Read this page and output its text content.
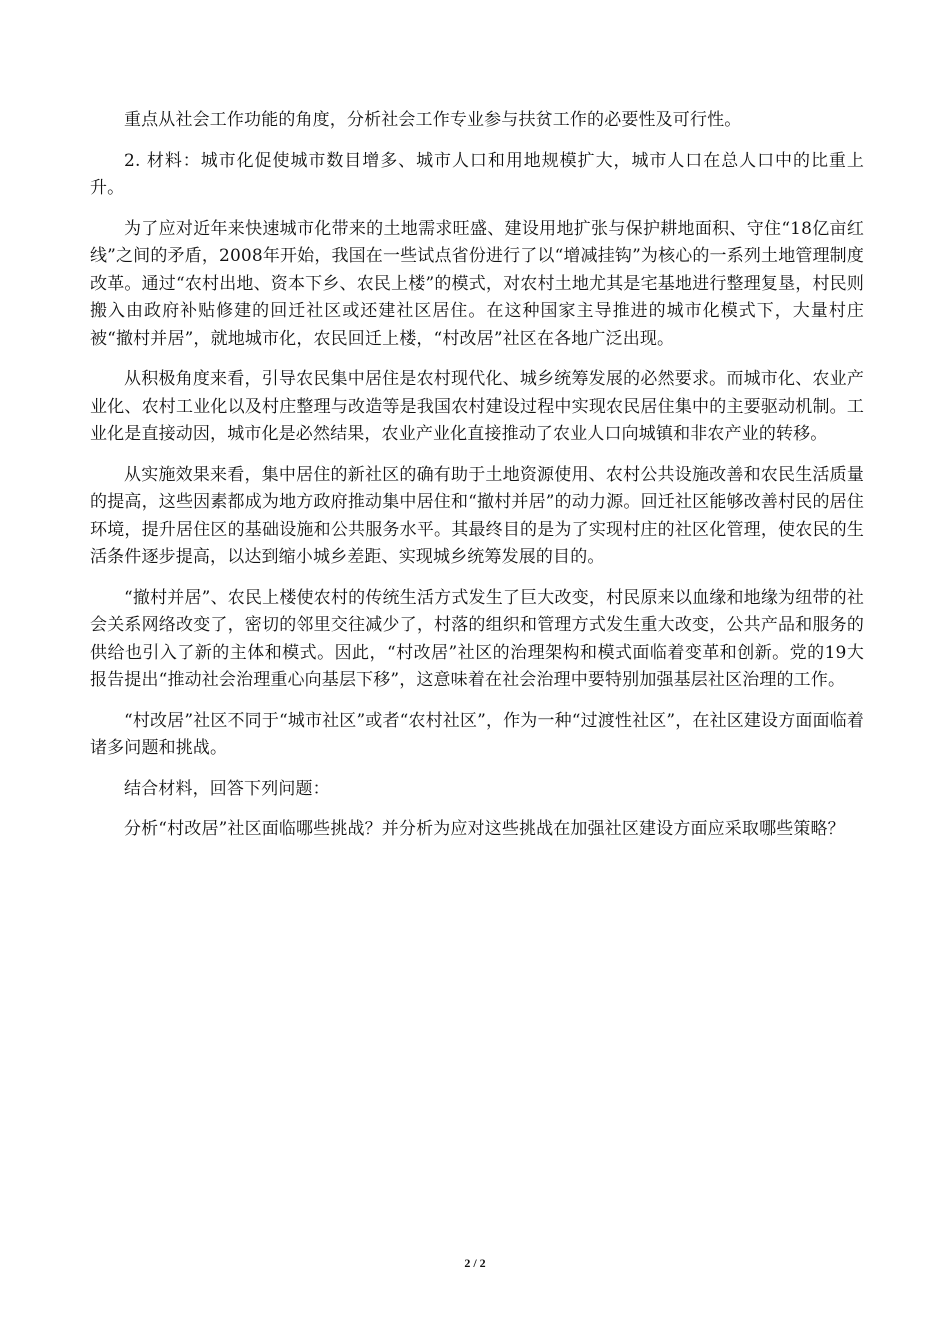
重点从社会工作功能的角度，分析社会工作专业参与扶贫工作的必要性及可行性。

2. 材料：城市化促使城市数目增多、城市人口和用地规模扩大，城市人口在总人口中的比重上升。

为了应对近年来快速城市化带来的土地需求旺盛、建设用地扩张与保护耕地面积、守住“18亿亩红线”之间的矛盾，2008年开始，我国在一些试点省份进行了以“增减挂钩”为核心的一系列土地管理制度改革。通过“农村出地、资本下乡、农民上楼”的模式，对农村土地尤其是宅基地进行整理复垦，村民则搬入由政府补贴修建的回迁社区或还建社区居住。在这种国家主导推进的城市化模式下，大量村庄被“撤村并居”，就地城市化，农民回迁上楼，“村改居”社区在各地广泛出现。

从积极角度来看，引导农民集中居住是农村现代化、城乡统筹发展的必然要求。而城市化、农业产业化、农村工业化以及村庄整理与改造等是我国农村建设过程中实现农民居住集中的主要驱动机制。工业化是直接动因，城市化是必然结果，农业产业化直接推动了农业人口向城镇和非农产业的转移。

从实施效果来看，集中居住的新社区的确有助于土地资源使用、农村公共设施改善和农民生活质量的提高，这些因素都成为地方政府推动集中居住和“撤村并居”的动力源。回迁社区能够改善村民的居住环境，提升居住区的基础设施和公共服务水平。其最终目的是为了实现村庄的社区化管理，使农民的生活条件逐步提高，以达到缩小城乡差距、实现城乡统筹发展的目的。

“撤村并居”、农民上楼使农村的传统生活方式发生了巨大改变，村民原来以血缘和地缘为纽带的社会关系网络改变了，密切的邻里交往减少了，村落的组织和管理方式发生重大改变，公共产品和服务的供给也引入了新的主体和模式。因此，“村改居”社区的治理架构和模式面临着变革和创新。党的19大报告提出“推动社会治理重心向基层下移”，这意味着在社会治理中要特别加强基层社区治理的工作。

“村改居”社区不同于“城市社区”或者“农村社区”，作为一种“过渡性社区”，在社区建设方面面临着诸多问题和挑战。

结合材料，回答下列问题：

分析“村改居”社区面临哪些挑战？并分析为应对这些挑战在加强社区建设方面应采取哪些策略？

2 / 2
